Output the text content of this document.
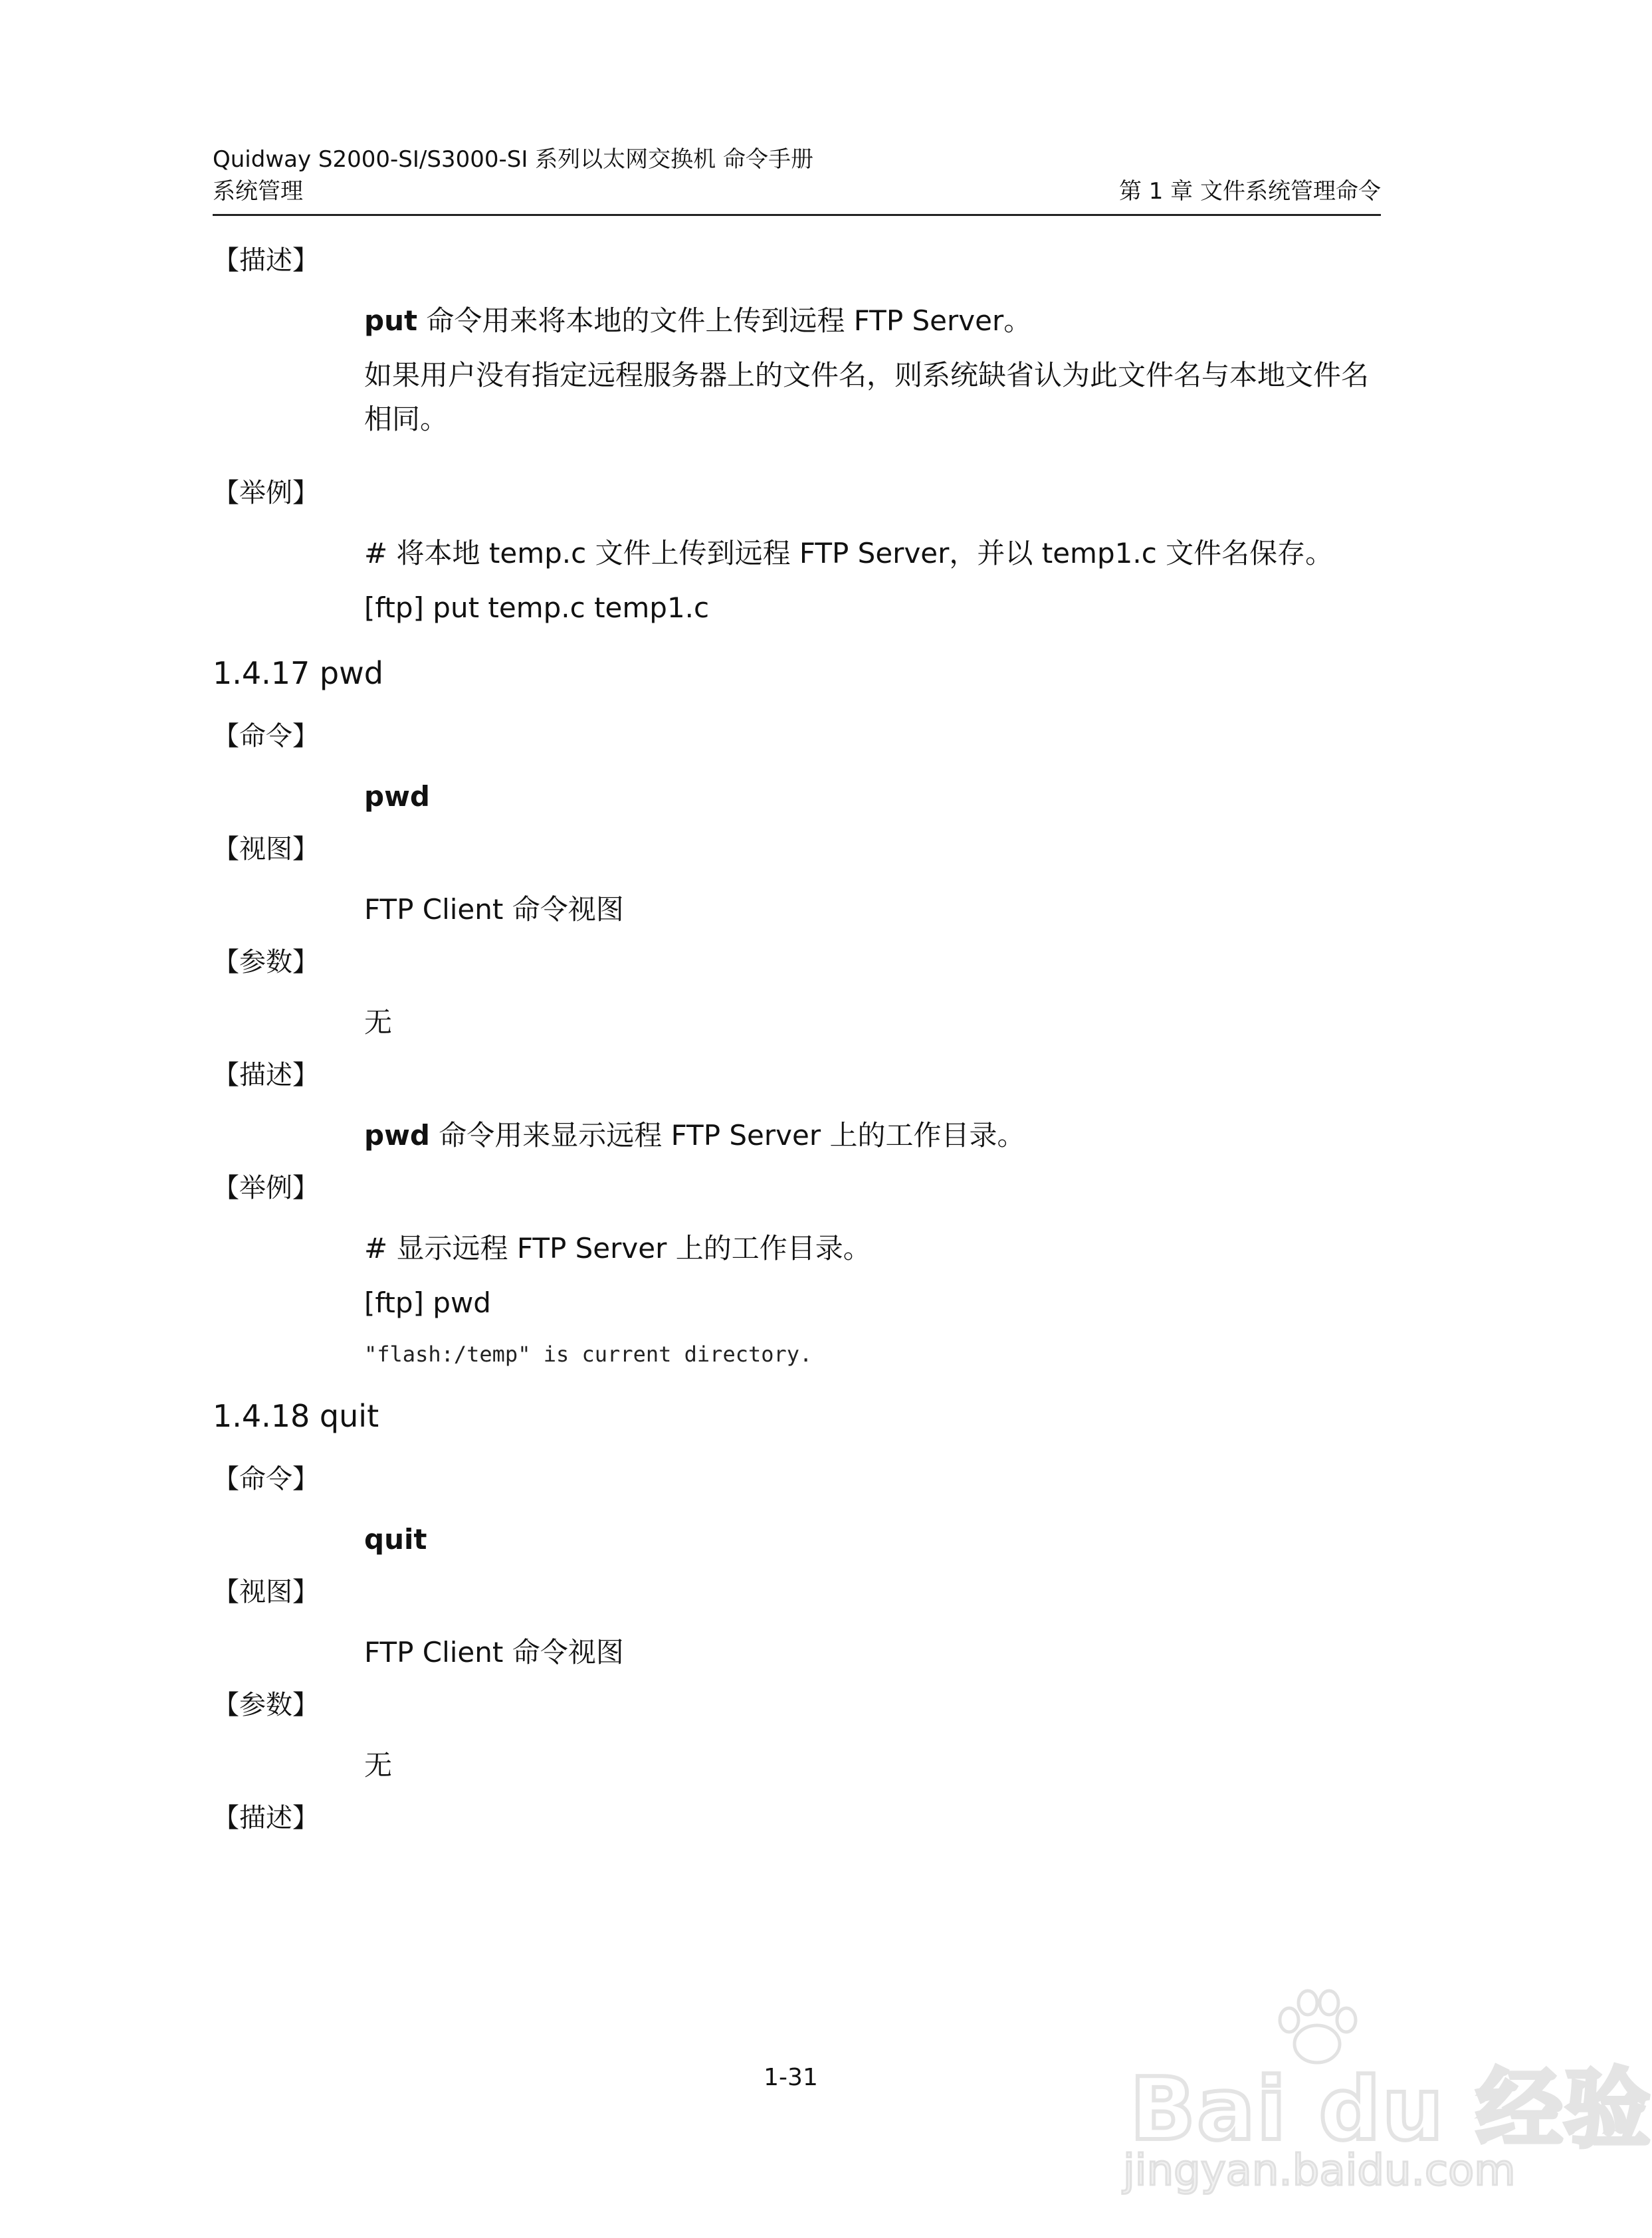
Quidway S2000-SI/S3000-SI 系列以太网交换机 命令手册
系统管理	第 1 章 文件系统管理命令
【描述】
put 命令用来将本地的文件上传到远程 FTP Server。
如果用户没有指定远程服务器上的文件名，则系统缺省认为此文件名与本地文件名相同。
【举例】
# 将本地 temp.c 文件上传到远程 FTP Server，并以 temp1.c 文件名保存。
[ftp] put temp.c temp1.c
1.4.17 pwd
【命令】
pwd
【视图】
FTP Client 命令视图
【参数】
无
【描述】
pwd 命令用来显示远程 FTP Server 上的工作目录。
【举例】
# 显示远程 FTP Server 上的工作目录。
[ftp] pwd
"flash:/temp" is current directory.
1.4.18 quit
【命令】
quit
【视图】
FTP Client 命令视图
【参数】
无
【描述】
1-31	Bai du 经验
jingyan.baidu.com
